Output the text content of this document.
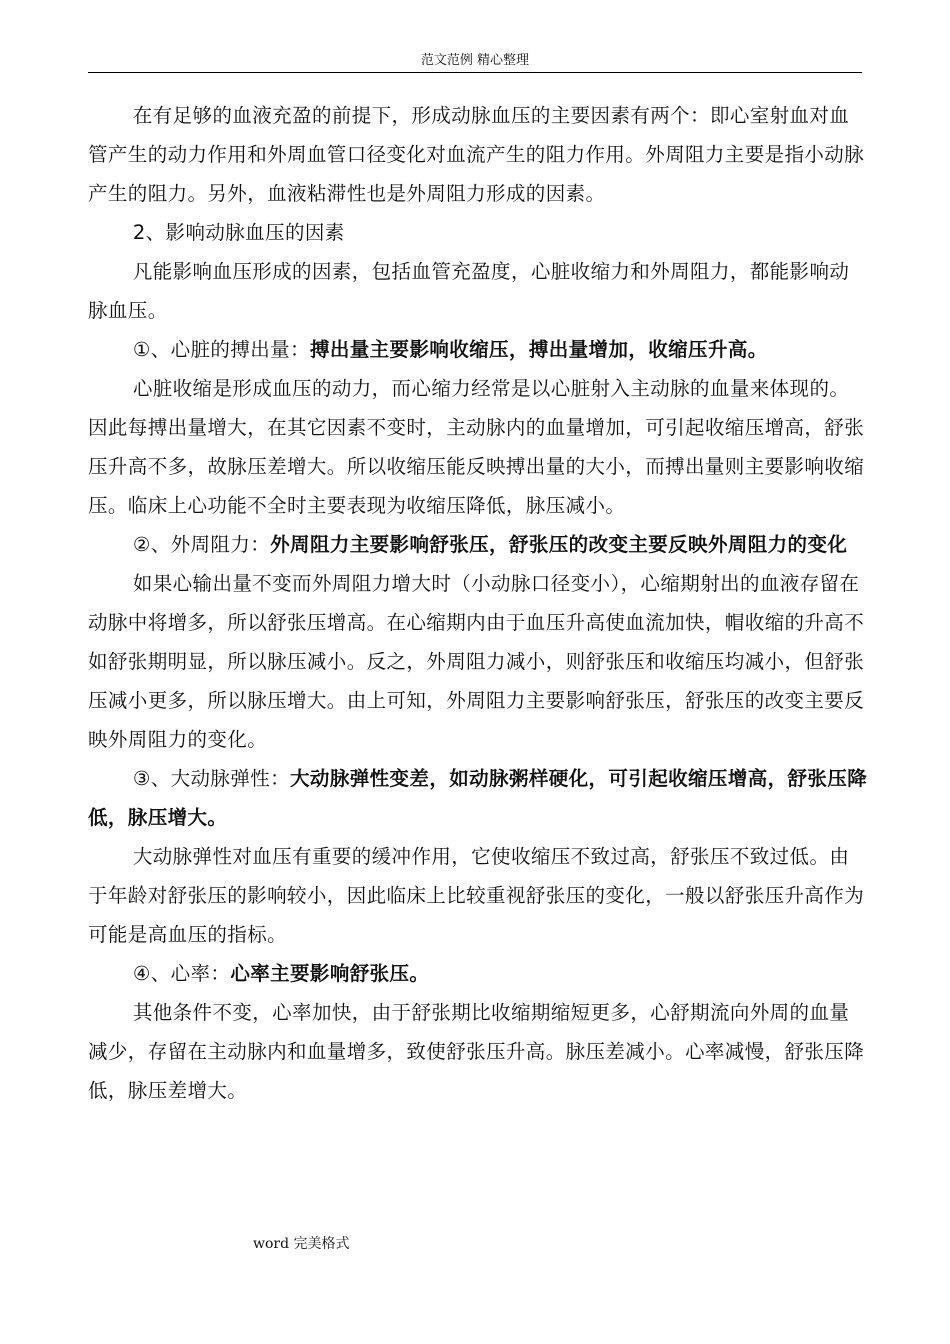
范文范例 精心整理

在有足够的血液充盈的前提下，形成动脉血压的主要因素有两个：即心室射血对血管产生的动力作用和外周血管口径变化对血流产生的阻力作用。外周阻力主要是指小动脉产生的阻力。另外，血液粘滞性也是外周阻力形成的因素。

2、影响动脉血压的因素

凡能影响血压形成的因素，包括血管充盈度，心脏收缩力和外周阻力，都能影响动脉血压。

①、心脏的搏出量：搏出量主要影响收缩压，搏出量增加，收缩压升高。

心脏收缩是形成血压的动力，而心缩力经常是以心脏射入主动脉的血量来体现的。因此每搏出量增大，在其它因素不变时，主动脉内的血量增加，可引起收缩压增高，舒张压升高不多，故脉压差增大。所以收缩压能反映搏出量的大小，而搏出量则主要影响收缩压。临床上心功能不全时主要表现为收缩压降低，脉压减小。

②、外周阻力：外周阻力主要影响舒张压，舒张压的改变主要反映外周阻力的变化

如果心输出量不变而外周阻力增大时（小动脉口径变小），心缩期射出的血液存留在动脉中将增多，所以舒张压增高。在心缩期内由于血压升高使血流加快，帽收缩的升高不如舒张期明显，所以脉压减小。反之，外周阻力减小，则舒张压和收缩压均减小，但舒张压减小更多，所以脉压增大。由上可知，外周阻力主要影响舒张压，舒张压的改变主要反映外周阻力的变化。

③、大动脉弹性：大动脉弹性变差，如动脉粥样硬化，可引起收缩压增高，舒张压降低，脉压增大。

大动脉弹性对血压有重要的缓冲作用，它使收缩压不致过高，舒张压不致过低。由于年龄对舒张压的影响较小，因此临床上比较重视舒张压的变化，一般以舒张压升高作为可能是高血压的指标。

④、心率：心率主要影响舒张压。

其他条件不变，心率加快，由于舒张期比收缩期缩短更多，心舒期流向外周的血量减少，存留在主动脉内和血量增多，致使舒张压升高。脉压差减小。心率减慢，舒张压降低，脉压差增大。

word 完美格式
